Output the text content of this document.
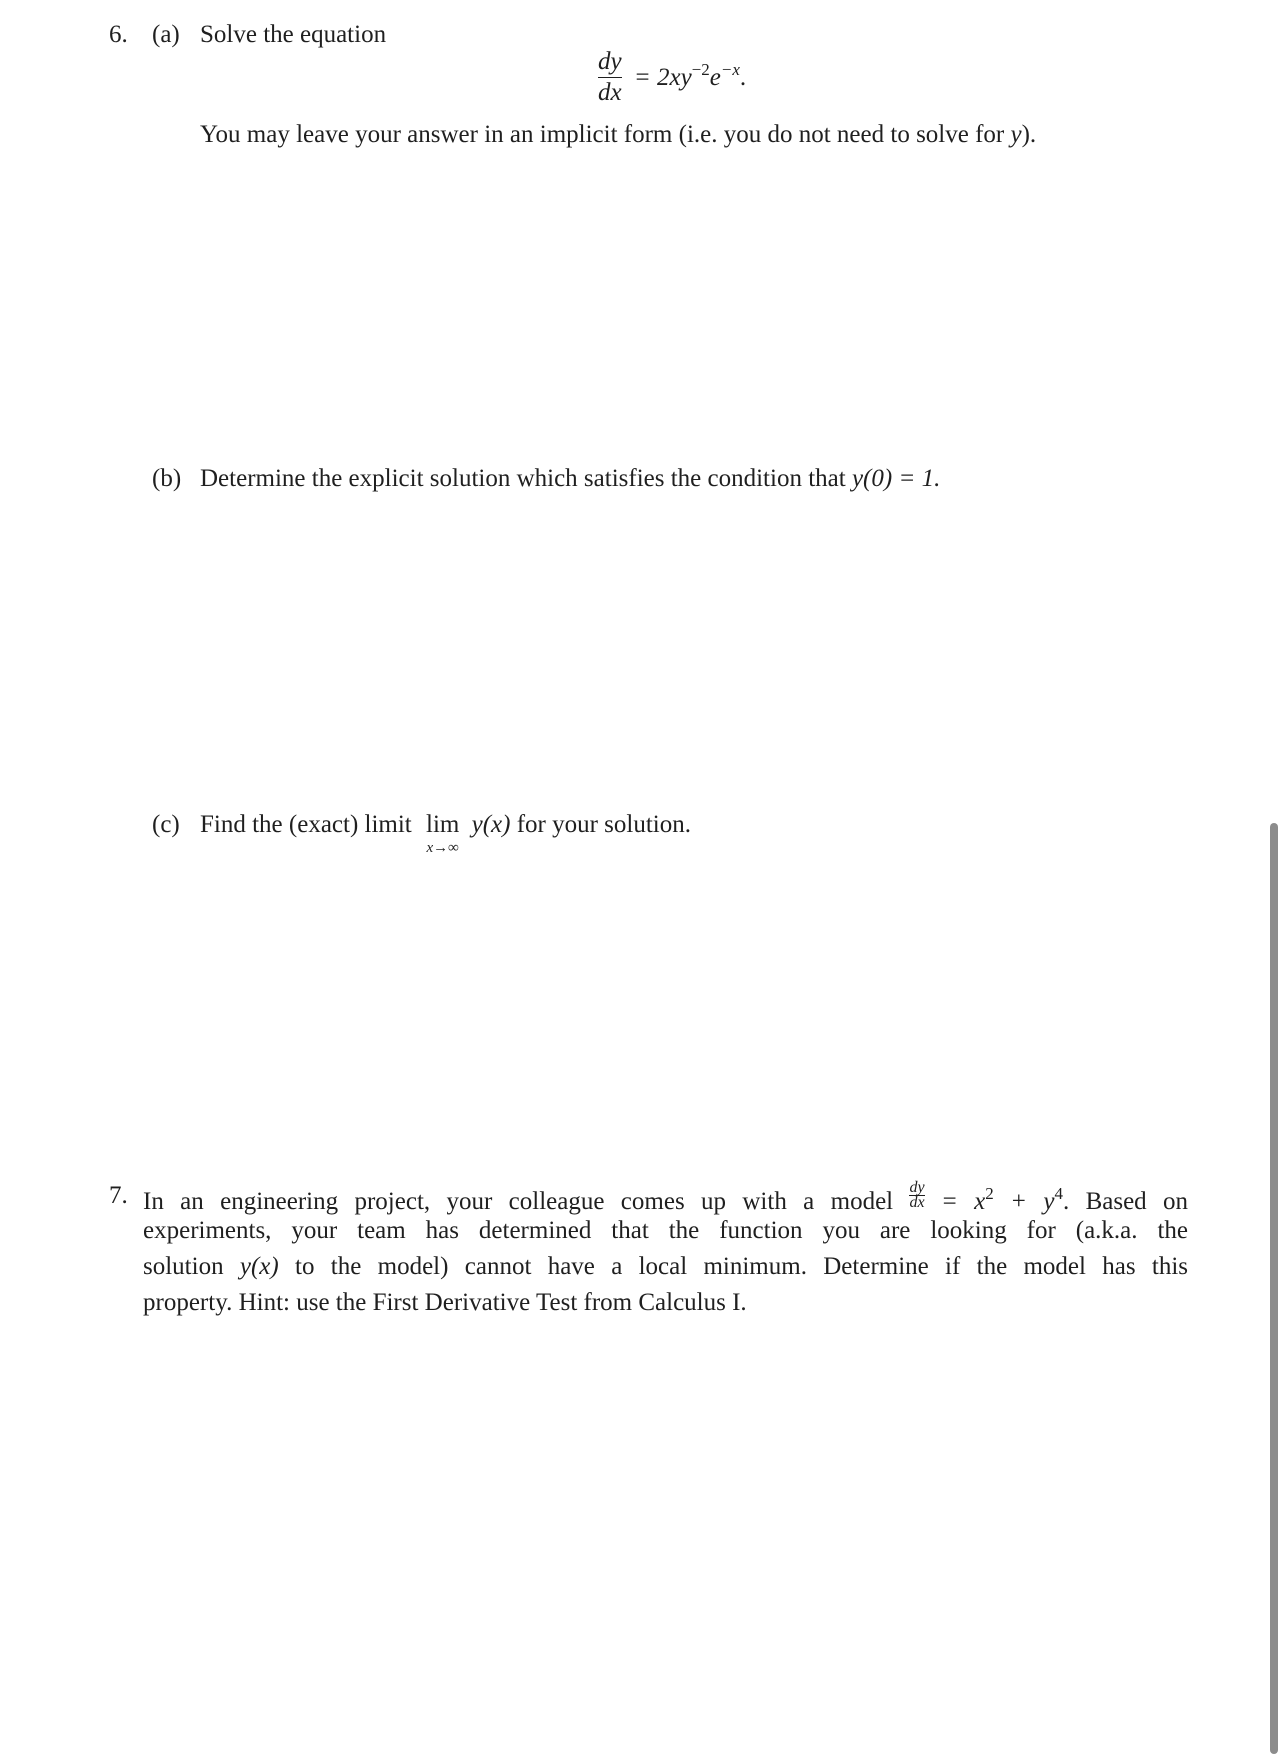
6. (a) Solve the equation
$\frac{dy}{dx} = 2xy^{-2}e^{-x}$.
You may leave your answer in an implicit form (i.e. you do not need to solve for y).
(b) Determine the explicit solution which satisfies the condition that y(0) = 1.
(c) Find the (exact) limit lim
x→∞
y(x) for your solution.
7. In an engineering project, your colleague comes up with a model $\frac{dy}{dx} = x^2 + y^4$. Based on
experiments, your team has determined that the function you are looking for (a.k.a. the
solution y(x) to the model) cannot have a local minimum. Determine if the model has this
property. Hint: use the First Derivative Test from Calculus I.
